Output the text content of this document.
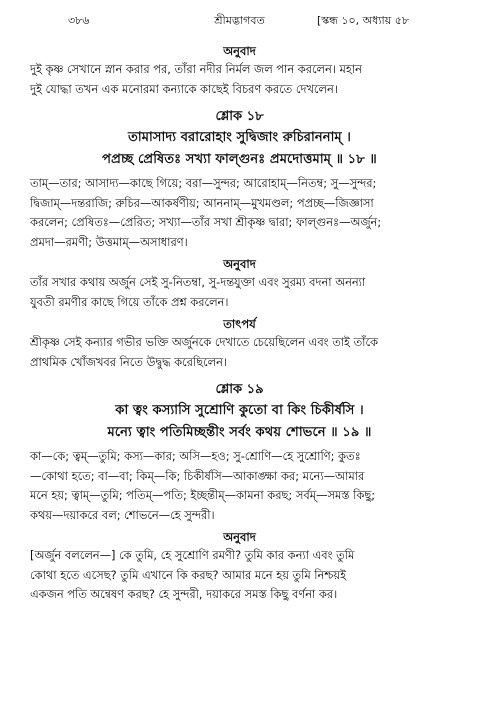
৩৮৬	শ্রীমদ্ভাগবত	[স্কন্ধ ১০, অধ্যায় ৫৮
অনুবাদ

দুই কৃষ্ণ সেখানে স্নান করার পর, তাঁরা নদীর নির্মল জল পান করলেন। মহান

দুই যোদ্ধা তখন এক মনোরমা কন্যাকে কাছেই বিচরণ করতে দেখলেন।

শ্লোক ১৮
তামাসাদ্য বরারোহাং সুদ্বিজাং রুচিরাননাম্ ।
পপ্রচ্ছ প্রেষিতঃ সখ্যা ফাল্গুনঃ প্রমদোত্তমাম্ ॥ ১৮ ॥

তাম্—তার; আসাদ্য—কাছে গিয়ে; বরা—সুন্দর; আরোহাম্—নিতম্ব; সু—সুন্দর;

দ্বিজাম্—দন্তরাজি; রুচির—আকর্ষণীয়; আননাম্—মুখমণ্ডল; পপ্রচ্ছ—জিজ্ঞাসা

করলেন; প্রেষিতঃ—প্রেরিত; সখ্যা—তাঁর সখা শ্রীকৃষ্ণ দ্বারা; ফাল্গুনঃ—অর্জুন;

প্রমদা—রমণী; উত্তমাম্—অসাধারণ।

অনুবাদ

তাঁর সখার কথায় অর্জুন সেই সু-নিতম্বা, সু-দন্তযুক্তা এবং সুরম্য বদনা অনন্যা

যুবতী রমণীর কাছে গিয়ে তাঁকে প্রশ্ন করলেন।

তাৎপর্য

শ্রীকৃষ্ণ সেই কন্যার গভীর ভক্তি অর্জুনকে দেখাতে চেয়েছিলেন এবং তাই তাঁকে

প্রাথমিক খোঁজখবর নিতে উদ্বুদ্ধ করেছিলেন।

শ্লোক ১৯
কা ত্বং কস্যাসি সুশ্রোণি কুতো বা কিং চিকীর্ষসি ।
মন্যে ত্বাং পতিমিচ্ছন্তীং সর্বং কথয় শোভনে ॥ ১৯ ॥

কা—কে; ত্বম্—তুমি; কস্য—কার; অসি—হও; সু-শ্রোণি—হে সুশ্রোণি; কুতঃ

—কোথা হতে; বা—বা; কিম্—কি; চিকীর্ষসি—আকাঙ্ক্ষা কর; মন্যে—আমার

মনে হয়; ত্বাম্—তুমি; পতিম্—পতি; ইচ্ছন্তীম্—কামনা করছ; সর্বম্—সমস্ত কিছু;

কথয়—দয়াকরে বল; শোভনে—হে সুন্দরী।

অনুবাদ

[অর্জুন বললেন—] কে তুমি, হে সুশ্রোণি রমণী? তুমি কার কন্যা এবং তুমি

কোথা হতে এসেছ? তুমি এখানে কি করছ? আমার মনে হয় তুমি নিশ্চয়ই

একজন পতি অন্বেষণ করছ? হে সুন্দরী, দয়াকরে সমস্ত কিছু বর্ণনা কর।
